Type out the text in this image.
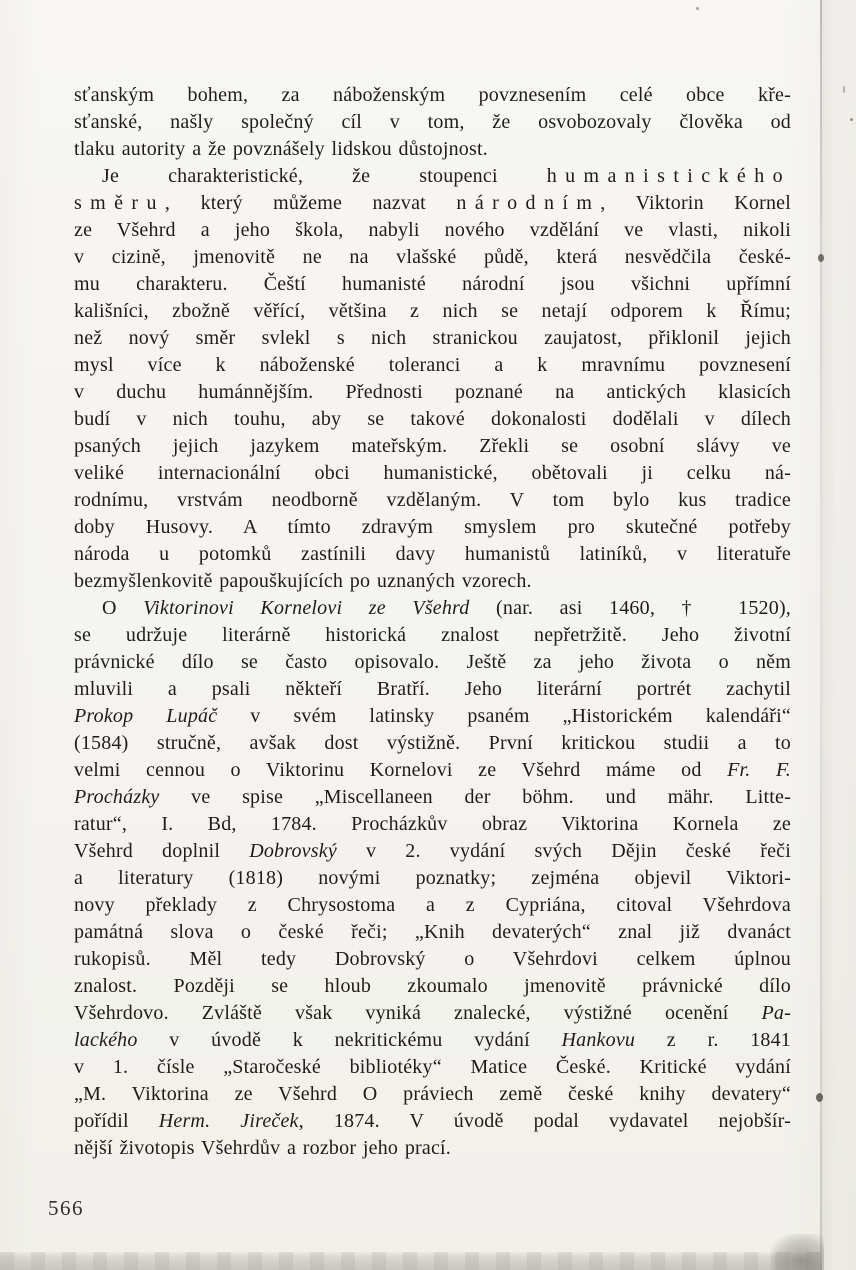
sťanským bohem, za náboženským povznesením celé obce kře-
sťanské, našly společný cíl v tom, že osvobozovaly člověka od
tlaku autority a že povznášely lidskou důstojnost.
Je charakteristické, že stoupenci humanistického
směru, který můžeme nazvat národním, Viktorin Kornel
ze Všehrd a jeho škola, nabyli nového vzdělání ve vlasti, nikoli
v cizině, jmenovitě ne na vlašské půdě, která nesvědčila české-
mu charakteru. Čeští humanisté národní jsou všichni upřímní
kališníci, zbožně věřící, většina z nich se netají odporem k Římu;
než nový směr svlekl s nich stranickou zaujatost, přiklonil jejich
mysl více k náboženské toleranci a k mravnímu povznesení
v duchu humánnějším. Přednosti poznané na antických klasicích
budí v nich touhu, aby se takové dokonalosti dodělali v dílech
psaných jejich jazykem mateřským. Zřekli se osobní slávy ve
veliké internacionální obci humanistické, obětovali ji celku ná-
rodnímu, vrstvám neodborně vzdělaným. V tom bylo kus tradice
doby Husovy. A tímto zdravým smyslem pro skutečné potřeby
národa u potomků zastínili davy humanistů latiníků, v literatuře
bezmyšlenkovitě papouškujících po uznaných vzorech.
O Viktorinovi Kornelovi ze Všehrd (nar. asi 1460, † 1520),
se udržuje literárně historická znalost nepřetržitě. Jeho životní
právnické dílo se často opisovalo. Ještě za jeho života o něm
mluvili a psali někteří Bratří. Jeho literární portrét zachytil
Prokop Lupáč v svém latinsky psaném „Historickém kalendáři“
(1584) stručně, avšak dost výstižně. První kritickou studii a to
velmi cennou o Viktorinu Kornelovi ze Všehrd máme od Fr. F.
Procházky ve spise „Miscellaneen der böhm. und mähr. Litte-
ratur“, I. Bd, 1784. Procházkův obraz Viktorina Kornela ze
Všehrd doplnil Dobrovský v 2. vydání svých Dějin české řeči
a literatury (1818) novými poznatky; zejména objevil Viktori-
novy překlady z Chrysostoma a z Cypriána, citoval Všehrdova
památná slova o české řeči; „Knih devaterých“ znal již dvanáct
rukopisů. Měl tedy Dobrovský o Všehrdovi celkem úplnou
znalost. Později se hloub zkoumalo jmenovitě právnické dílo
Všehrdovo. Zvláště však vyniká znalecké, výstižné ocenění Pa-
lackého v úvodě k nekritickému vydání Hankovu z r. 1841
v 1. čísle „Staročeské bibliotéky“ Matice České. Kritické vydání
„M. Viktorina ze Všehrd O práviech země české knihy devatery“
pořídil Herm. Jireček, 1874. V úvodě podal vydavatel nejobšír-
nější životopis Všehrdův a rozbor jeho prací.
566
